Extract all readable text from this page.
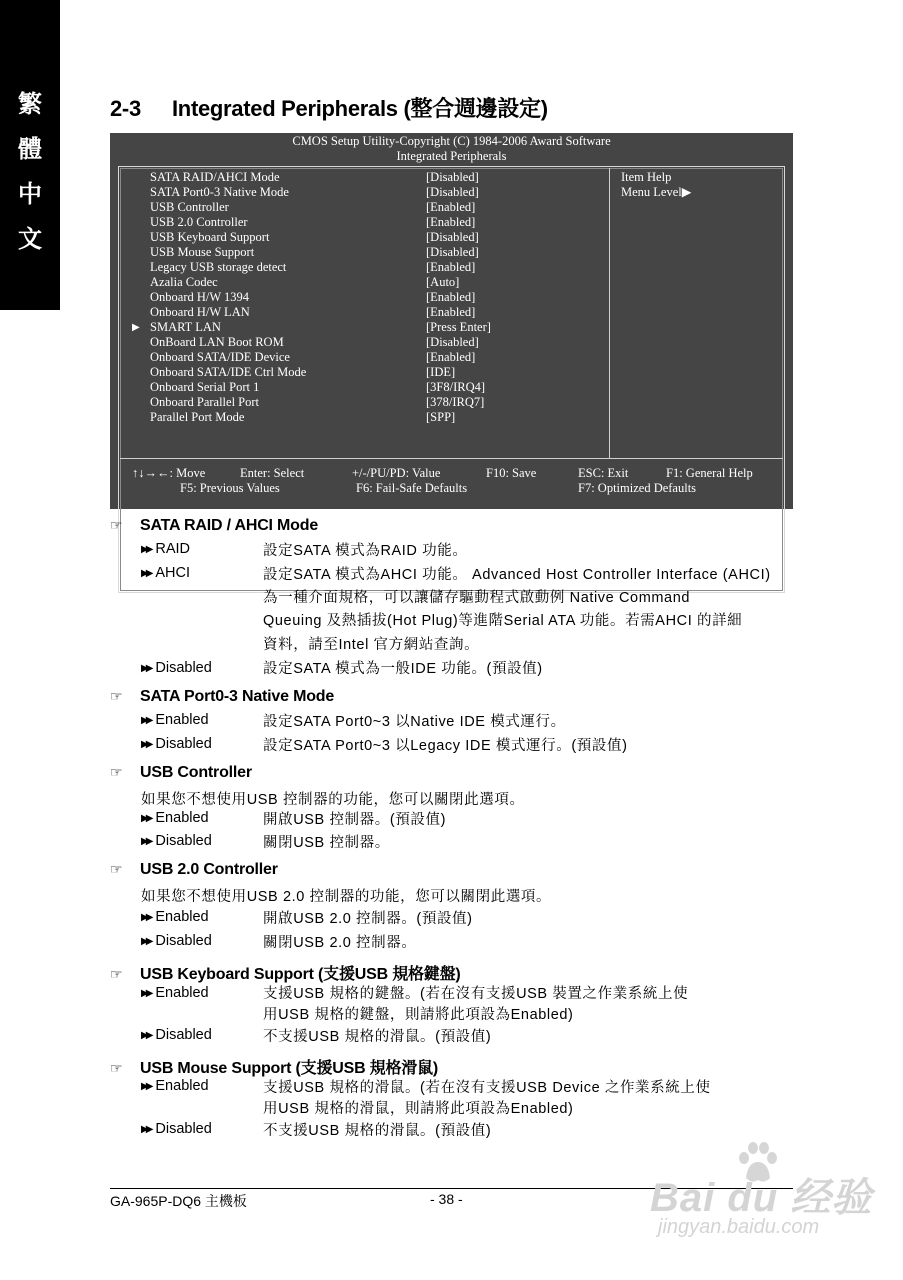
繁
體
中
文
2-3 Integrated Peripherals (整合週邊設定)
CMOS Setup Utility-Copyright (C) 1984-2006 Award Software
Integrated Peripherals
SATA RAID/AHCI Mode	[Disabled]
SATA Port0-3 Native Mode	[Disabled]
USB Controller	[Enabled]
USB 2.0 Controller	[Enabled]
USB Keyboard Support	[Disabled]
USB Mouse Support	[Disabled]
Legacy USB storage detect	[Enabled]
Azalia Codec	[Auto]
Onboard H/W 1394	[Enabled]
Onboard H/W LAN	[Enabled]
▶ SMART LAN	[Press Enter]
OnBoard LAN Boot ROM	[Disabled]
Onboard SATA/IDE Device	[Enabled]
Onboard SATA/IDE Ctrl Mode	[IDE]
Onboard Serial Port 1	[3F8/IRQ4]
Onboard Parallel Port	[378/IRQ7]
Parallel Port Mode	[SPP]
Item Help
Menu Level▶
↑↓→←: Move	Enter: Select	+/-/PU/PD: Value	F10: Save	ESC: Exit	F1: General Help
F5: Previous Values	F6: Fail-Safe Defaults	F7: Optimized Defaults
☞ SATA RAID / AHCI Mode
▶▶ RAID	設定SATA 模式為RAID 功能。
▶▶ AHCI	設定SATA 模式為AHCI 功能。 Advanced Host Controller Interface (AHCI)
為一種介面規格，可以讓儲存驅動程式啟動例 Native Command
Queuing 及熱插拔(Hot Plug)等進階Serial ATA 功能。若需AHCI 的詳細
資料，請至Intel 官方網站查詢。
▶▶ Disabled	設定SATA 模式為一般IDE 功能。(預設值)
☞ SATA Port0-3 Native Mode
▶▶ Enabled	設定SATA Port0~3 以Native IDE 模式運行。
▶▶ Disabled	設定SATA Port0~3 以Legacy IDE 模式運行。(預設值)
☞ USB Controller
如果您不想使用USB 控制器的功能，您可以關閉此選項。
▶▶ Enabled	開啟USB 控制器。(預設值)
▶▶ Disabled	關閉USB 控制器。
☞ USB 2.0 Controller
如果您不想使用USB 2.0 控制器的功能，您可以關閉此選項。
▶▶ Enabled	開啟USB 2.0 控制器。(預設值)
▶▶ Disabled	關閉USB 2.0 控制器。
☞ USB Keyboard Support (支援USB 規格鍵盤)
▶▶ Enabled	支援USB 規格的鍵盤。(若在沒有支援USB 裝置之作業系統上使
用USB 規格的鍵盤，則請將此項設為Enabled)
▶▶ Disabled	不支援USB 規格的滑鼠。(預設值)
☞ USB Mouse Support (支援USB 規格滑鼠)
▶▶ Enabled	支援USB 規格的滑鼠。(若在沒有支援USB Device 之作業系統上使
用USB 規格的滑鼠，則請將此項設為Enabled)
▶▶ Disabled	不支援USB 規格的滑鼠。(預設值)
GA-965P-DQ6 主機板	- 38 -	Bai du 经验
jingyan.baidu.com
